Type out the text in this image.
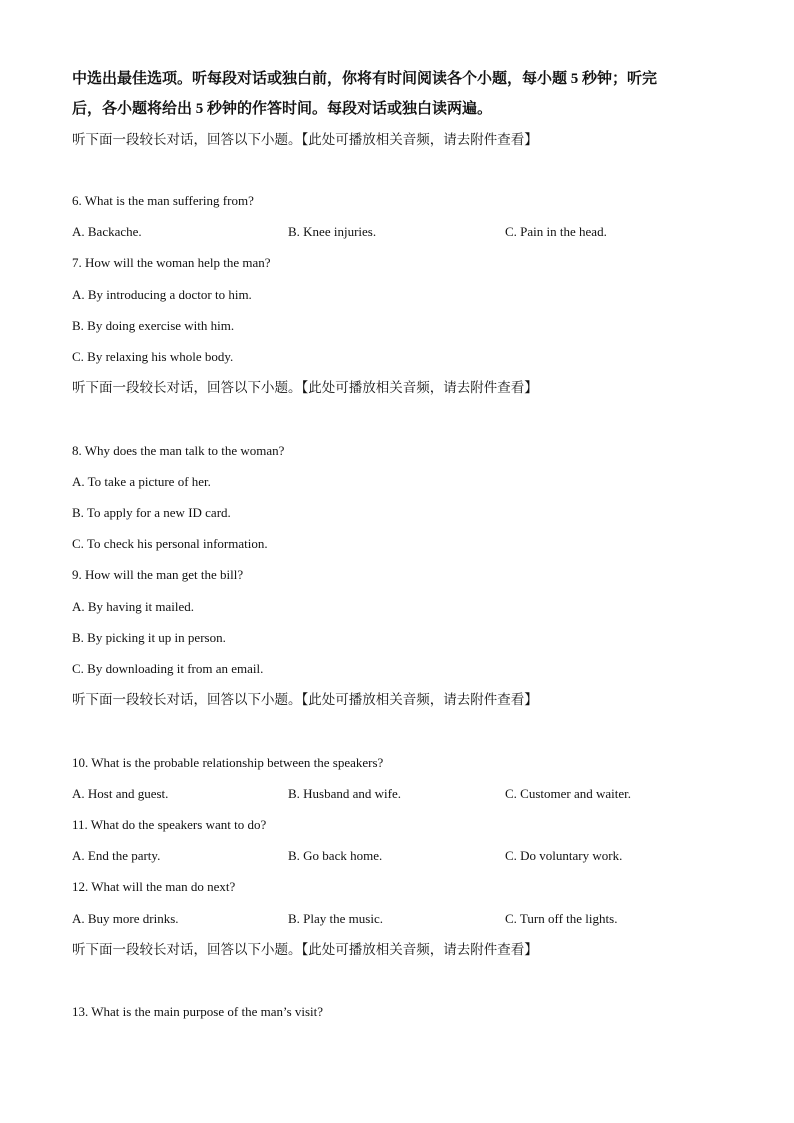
中选出最佳选项。听每段对话或独白前，你将有时间阅读各个小题，每小题 5 秒钟；听完
后，各小题将给出 5 秒钟的作答时间。每段对话或独白读两遍。

听下面一段较长对话，回答以下小题。【此处可播放相关音频，请去附件查看】
6. What is the man suffering from?
A. Backache.	B. Knee injuries.	C. Pain in the head.
7. How will the woman help the man?
A. By introducing a doctor to him.
B. By doing exercise with him.
C. By relaxing his whole body.
听下面一段较长对话，回答以下小题。【此处可播放相关音频，请去附件查看】
8. Why does the man talk to the woman?
A. To take a picture of her.
B. To apply for a new ID card.
C. To check his personal information.
9. How will the man get the bill?
A. By having it mailed.
B. By picking it up in person.
C. By downloading it from an email.
听下面一段较长对话，回答以下小题。【此处可播放相关音频，请去附件查看】
10. What is the probable relationship between the speakers?
A. Host and guest.	B. Husband and wife.	C. Customer and waiter.
11. What do the speakers want to do?
A. End the party.	B. Go back home.	C. Do voluntary work.
12. What will the man do next?
A. Buy more drinks.	B. Play the music.	C. Turn off the lights.
听下面一段较长对话，回答以下小题。【此处可播放相关音频，请去附件查看】
13. What is the main purpose of the man’s visit?
